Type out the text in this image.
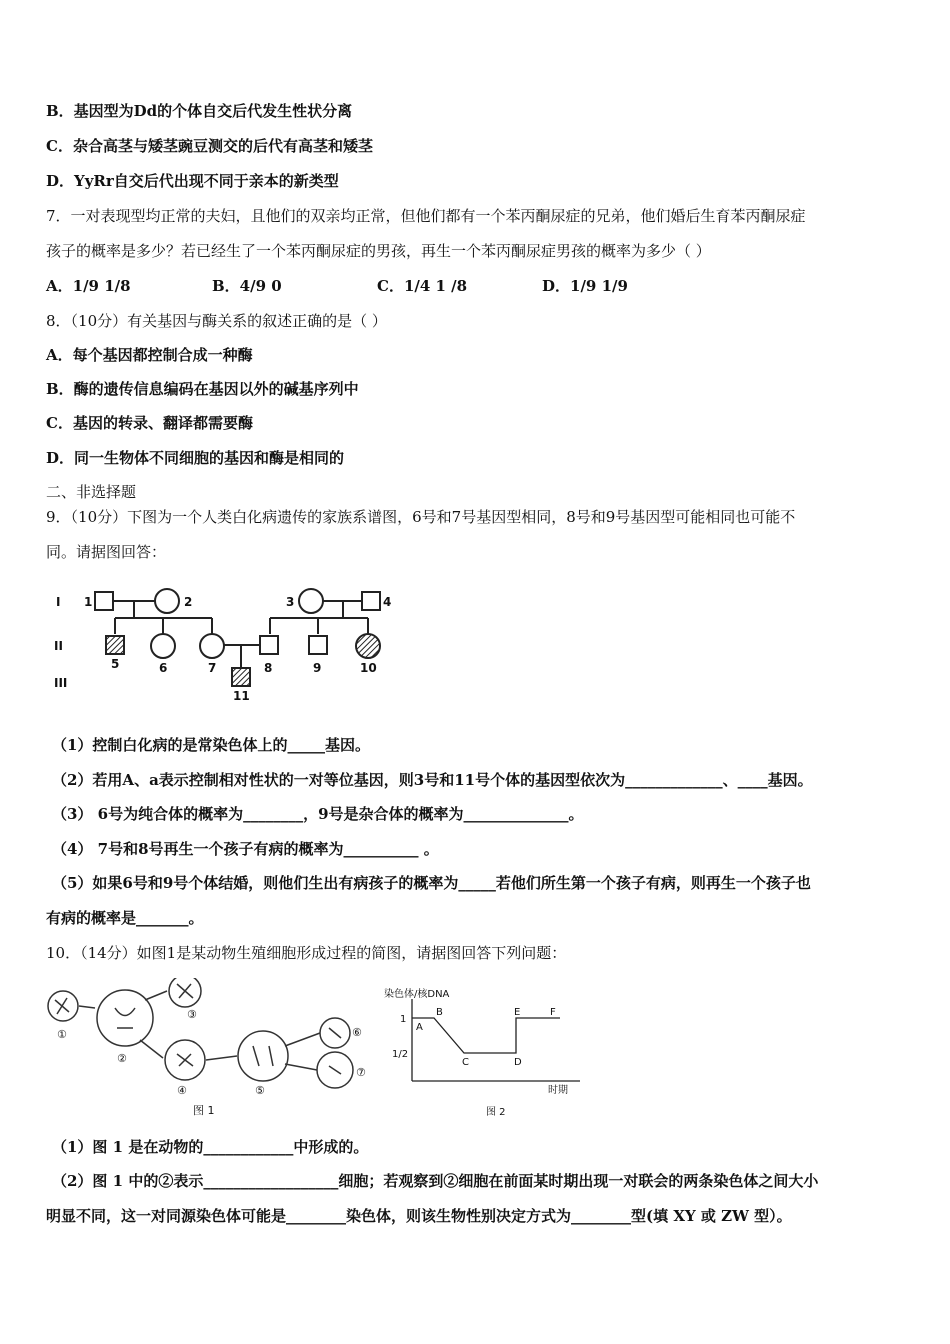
B．基因型为Dd的个体自交后代发生性状分离
C．杂合高茎与矮茎豌豆测交的后代有高茎和矮茎
D．YyRr自交后代出现不同于亲本的新类型
7．一对表现型均正常的夫妇，且他们的双亲均正常，但他们都有一个苯丙酮尿症的兄弟，他们婚后生育苯丙酮尿症
孩子的概率是多少？若已经生了一个苯丙酮尿症的男孩，再生一个苯丙酮尿症男孩的概率为多少（ ）
A．1/9 1/8	B．4/9 0	C．1/4 1 /8	D．1/9 1/9
8．（10分）有关基因与酶关系的叙述正确的是（ ）
A．每个基因都控制合成一种酶
B．酶的遗传信息编码在基因以外的碱基序列中
C．基因的转录、翻译都需要酶
D．同一生物体不同细胞的基因和酶是相同的
二、非选择题
9．（10分）下图为一个人类白化病遗传的家族系谱图，6号和7号基因型相同，8号和9号基因型可能相同也可能不
同。请据图回答：
I
II
III
1	2	3	4
5	6	7	8	9	10
11
（1）控制白化病的是常染色体上的_____基因。
（2）若用A、a表示控制相对性状的一对等位基因，则3号和11号个体的基因型依次为_____________、____基因。
（3） 6号为纯合体的概率为________，9号是杂合体的概率为______________。
（4） 7号和8号再生一个孩子有病的概率为__________ 。
（5）如果6号和9号个体结婚，则他们生出有病孩子的概率为_____若他们所生第一个孩子有病，则再生一个孩子也
有病的概率是_______。
10．（14分）如图1是某动物生殖细胞形成过程的简图，请据图回答下列问题：
①
②
③
④	⑤
⑥
⑦
图 1
染色体/核DNA
1
1/2
A
B
C	D
E	F
时期
图 2
（1）图 1 是在动物的____________中形成的。
（2）图 1 中的②表示__________________细胞；若观察到②细胞在前面某时期出现一对联会的两条染色体之间大小
明显不同，这一对同源染色体可能是________染色体，则该生物性别决定方式为________型(填 XY 或 ZW 型）。
